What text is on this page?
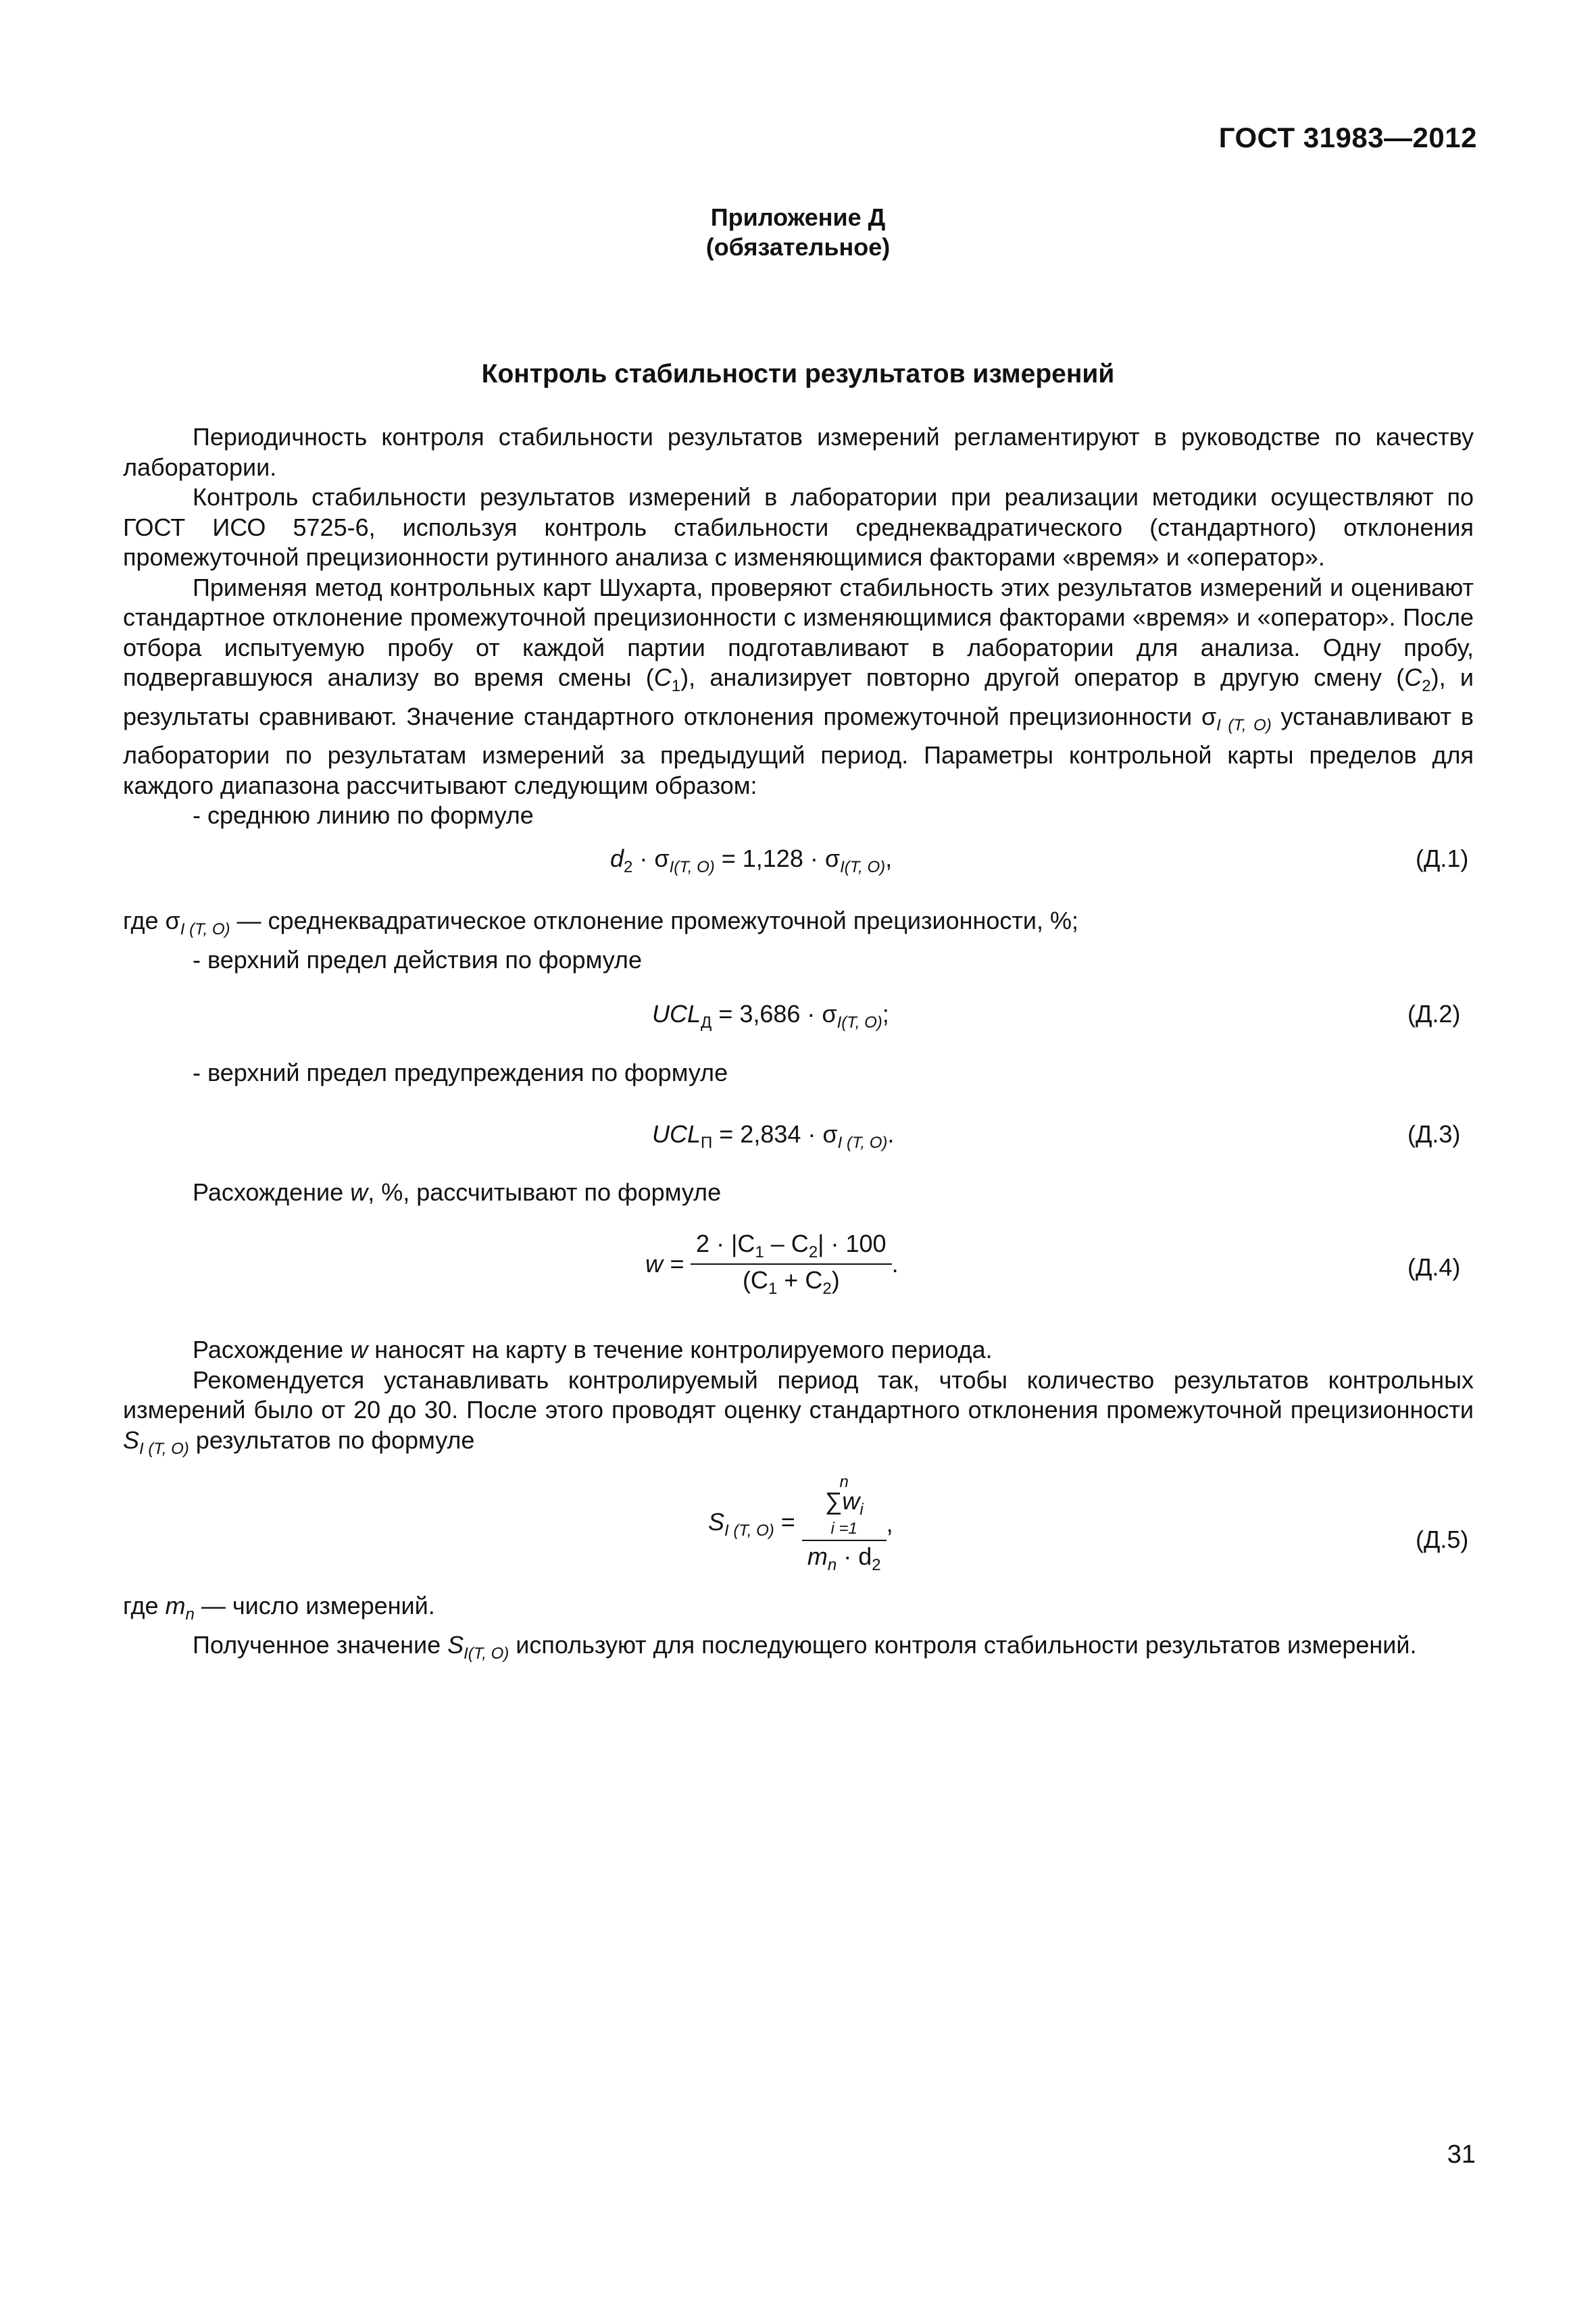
ГОСТ 31983—2012
Приложение Д
(обязательное)
Контроль стабильности результатов измерений

Периодичность контроля стабильности результатов измерений регламентируют в руководстве по качеству лаборатории.

Контроль стабильности результатов измерений в лаборатории при реализации методики осуществляют по ГОСТ ИСО 5725-6, используя контроль стабильности среднеквадратического (стандартного) отклонения промежуточной прецизионности рутинного анализа с изменяющимися факторами «время» и «оператор».

Применяя метод контрольных карт Шухарта, проверяют стабильность этих результатов измерений и оценивают стандартное отклонение промежуточной прецизионности с изменяющимися факторами «время» и «оператор». После отбора испытуемую пробу от каждой партии подготавливают в лаборатории для анализа. Одну пробу, подвергавшуюся анализу во время смены $(C_1)$, анализирует повторно другой оператор в другую смену $(C_2)$, и результаты сравнивают. Значение стандартного отклонения промежуточной прецизионности $\sigma_{I (T, O)}$ устанавливают в лаборатории по результатам измерений за предыдущий период. Параметры контрольной карты пределов для каждого диапазона рассчитывают следующим образом:

- среднюю линию по формуле

$d_2 \cdot \sigma_{I(T, O)} = 1,128 \cdot \sigma_{I(T, O)}$,	(Д.1)

где $\sigma_{I (T, O)}$ — среднеквадратическое отклонение промежуточной прецизионности, %;

- верхний предел действия по формуле

$UCL_Д = 3,686 \cdot \sigma_{I(T, O)}$;	(Д.2)

- верхний предел предупреждения по формуле

$UCL_П = 2,834 \cdot \sigma_{I (T, O)}$.	(Д.3)

Расхождение w, %, рассчитывают по формуле

$w = \frac{2 \cdot |C_1 - C_2| \cdot 100}{(C_1 + C_2)}$ .	(Д.4)

Расхождение w наносят на карту в течение контролируемого периода.

Рекомендуется устанавливать контролируемый период так, чтобы количество результатов контрольных измерений было от 20 до 30. После этого проводят оценку стандартного отклонения промежуточной прецизионности $S_{I (T, O)}$ результатов по формуле

$S_{I (T, O)} = n$
$\sum w_i$
i =1
$m_n \cdot d_2$ ,
(Д.5)

где $m_n$ — число измерений.

Полученное значение $S_{I(T, O)}$ используют для последующего контроля стабильности результатов измерений.

31
